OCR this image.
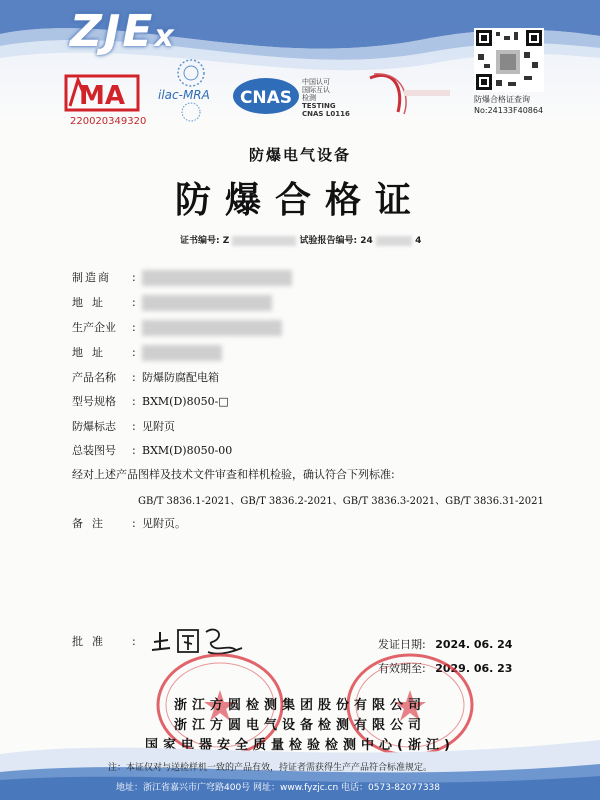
ZJEx
MA
220020349320
ilac-MRA CNAS
中国认可
国际互认
检测
TESTING
CNAS L0116
防爆合格证查询
No:24133F40864
防爆电气设备
防爆合格证
证书编号: Z	试验报告编号: 24	4
制造商	:
地址	:
生产企业	:
地址	:
产品名称	: 防爆防腐配电箱
型号规格	: BXM(D)8050-□
防爆标志	: 见附页
总装图号	: BXM(D)8050-00
经对上述产品图样及技术文件审查和样机检验，确认符合下列标准:
GB/T 3836.1-2021、GB/T 3836.2-2021、GB/T 3836.3-2021、GB/T 3836.31-2021
备注	: 见附页。
批准	:	发证日期: 2024. 06. 24
有效期至: 2029. 06. 23
浙江方圆检测集团股份有限公司
浙江方圆电气设备检测有限公司
国家电器安全质量检验检测中心(浙江)
注：本证仅对与送检样机一致的产品有效，持证者需获得生产产品符合标准规定。
地址：浙江省嘉兴市广穹路400号 网址：www.fyzjc.cn 电话：0573-82077338
